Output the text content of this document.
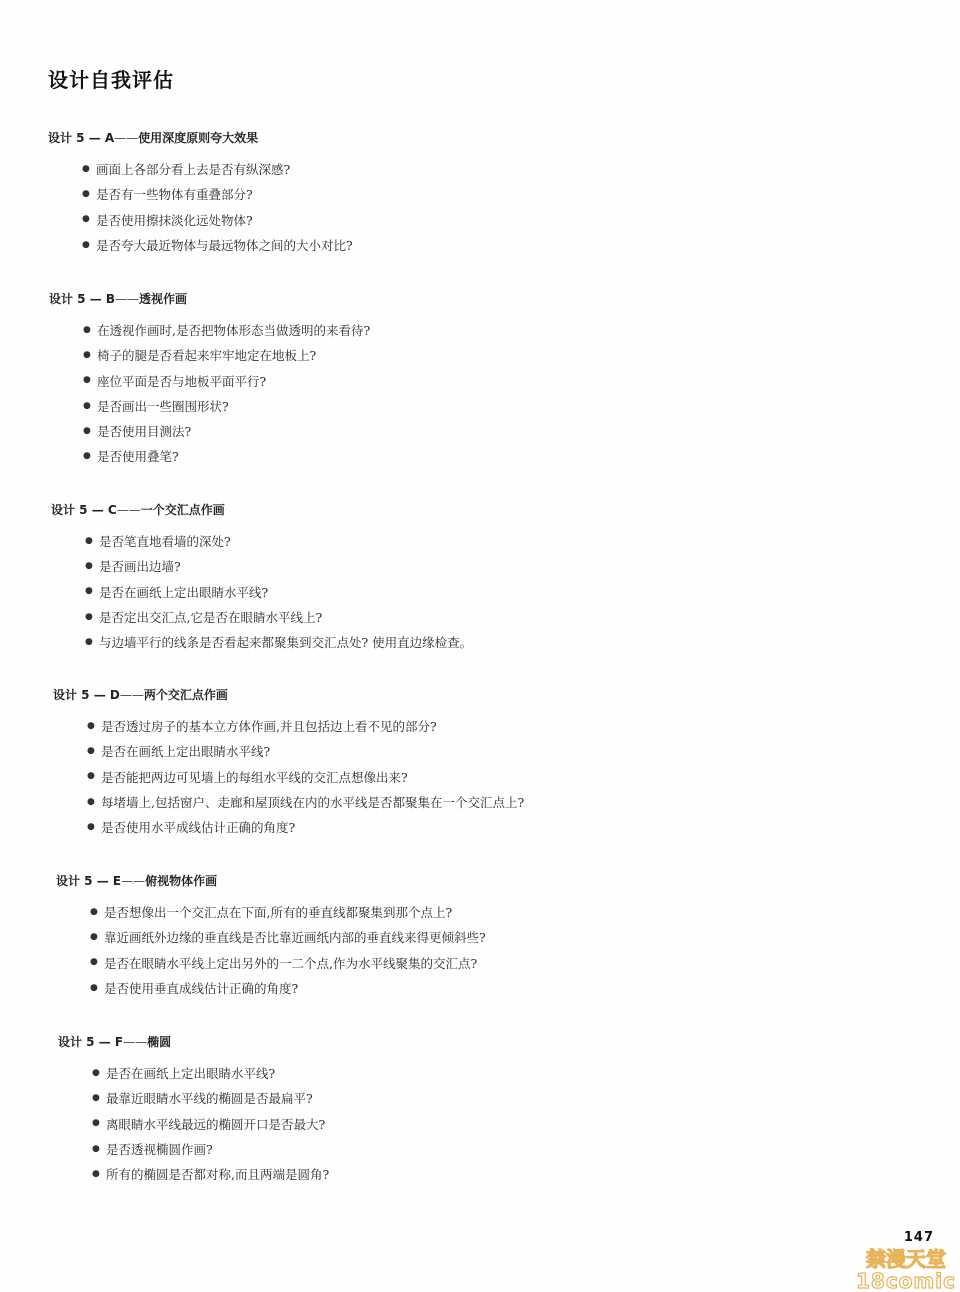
设计自我评估
设计 5 — A——使用深度原则夸大效果
● 画面上各部分看上去是否有纵深感?
● 是否有一些物体有重叠部分?
● 是否使用擦抹淡化远处物体?
● 是否夸大最近物体与最远物体之间的大小对比?
设计 5 — B——透视作画
● 在透视作画时,是否把物体形态当做透明的来看待?
● 椅子的腿是否看起来牢牢地定在地板上?
● 座位平面是否与地板平面平行?
● 是否画出一些圈围形状?
● 是否使用目测法?
● 是否使用叠笔?
设计 5 — C——一个交汇点作画
● 是否笔直地看墙的深处?
● 是否画出边墙?
● 是否在画纸上定出眼睛水平线?
● 是否定出交汇点,它是否在眼睛水平线上?
● 与边墙平行的线条是否看起来都聚集到交汇点处? 使用直边缘检查。
设计 5 — D——两个交汇点作画
● 是否透过房子的基本立方体作画,并且包括边上看不见的部分?
● 是否在画纸上定出眼睛水平线?
● 是否能把两边可见墙上的每组水平线的交汇点想像出来?
● 每堵墙上,包括窗户、走廊和屋顶线在内的水平线是否都聚集在一个交汇点上?
● 是否使用水平成线估计正确的角度?
设计 5 — E——俯视物体作画
● 是否想像出一个交汇点在下面,所有的垂直线都聚集到那个点上?
● 靠近画纸外边缘的垂直线是否比靠近画纸内部的垂直线来得更倾斜些?
● 是否在眼睛水平线上定出另外的一二个点,作为水平线聚集的交汇点?
● 是否使用垂直成线估计正确的角度?
设计 5 — F——椭圆
● 是否在画纸上定出眼睛水平线?
● 最靠近眼睛水平线的椭圆是否最扁平?
● 离眼睛水平线最远的椭圆开口是否最大?
● 是否透视椭圆作画?
● 所有的椭圆是否都对称,而且两端是圆角?
147
禁漫天堂
18comic
